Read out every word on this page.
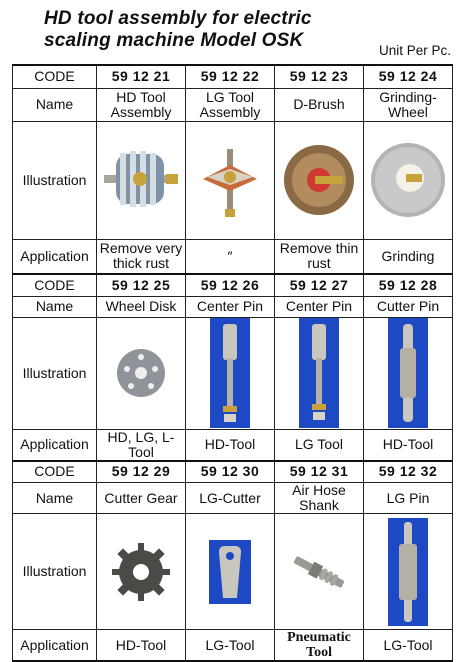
HD tool assembly for electric
scaling machine Model OSK	Unit Per Pc.
CODE	59 12 21	59 12 22	59 12 23	59 12 24
Name	HD Tool Assembly	LG Tool Assembly	D-Brush	Grinding-Wheel
Illustration	

Application	Remove very thick rust	″	Remove thin rust	Grinding
CODE	59 12 25	59 12 26	59 12 27	59 12 28
Name	Wheel Disk	Center Pin	Center Pin	Cutter Pin
Illustration	

Application	HD, LG, L-Tool	HD-Tool	LG Tool	HD-Tool
CODE	59 12 29	59 12 30	59 12 31	59 12 32
Name	Cutter Gear	LG-Cutter	Air Hose Shank	LG Pin
Illustration	

Application	HD-Tool	LG-Tool	Pneumatic Tool	LG-Tool
